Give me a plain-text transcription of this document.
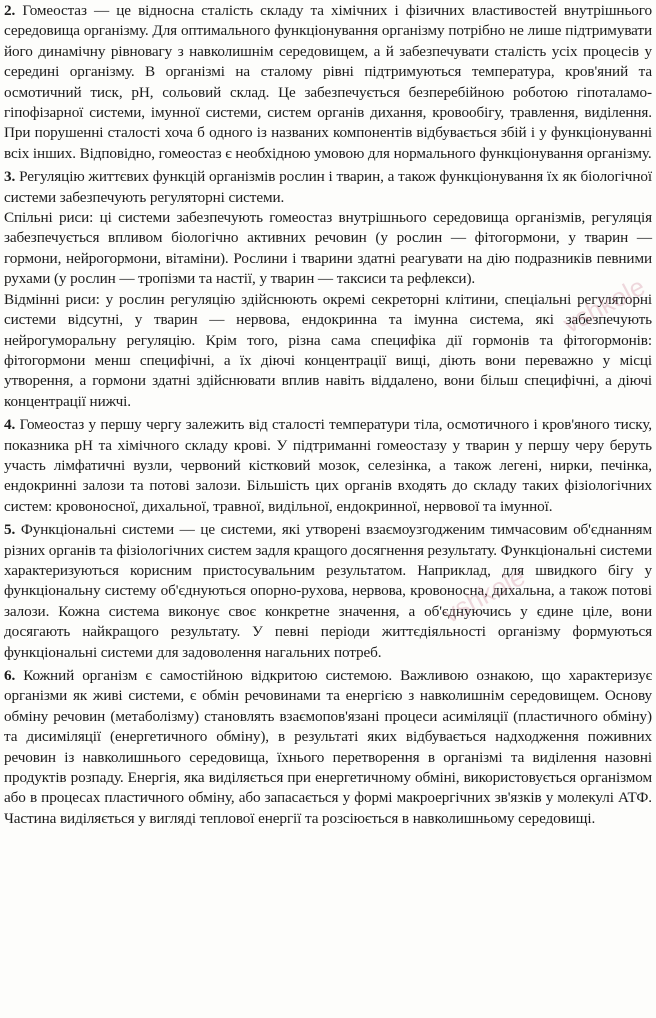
2. Гомеостаз — це відносна сталість складу та хімічних і фізичних властивостей внутрішнього середовища організму. Для оптимального функціонування організму потрібно не лише підтримувати його динамічну рівновагу з навколишнім середовищем, а й забезпечувати сталість усіх процесів у середині організму. В організмі на сталому рівні підтримуються температура, кров'яний та осмотичний тиск, pH, сольовий склад. Це забезпечується безперебійною роботою гіпоталамо-гіпофізарної системи, імунної системи, систем органів дихання, кровообігу, травлення, виділення. При порушенні сталості хоча б одного із названих компонентів відбувається збій і у функціонуванні всіх інших. Відповідно, гомеостаз є необхідною умовою для нормального функціонування організму.

3. Регуляцію життєвих функцій організмів рослин і тварин, а також функціонування їх як біологічної системи забезпечують регуляторні системи.

Спільні риси: ці системи забезпечують гомеостаз внутрішнього середовища організмів, регуляція забезпечується впливом біологічно активних речовин (у рослин — фітогормони, у тварин — гормони, нейрогормони, вітаміни). Рослини і тварини здатні реагувати на дію подразників певними рухами (у рослин — тропізми та настії, у тварин — таксиси та рефлекси).

Відмінні риси: у рослин регуляцію здійснюють окремі секреторні клітини, спеціальні регуляторні системи відсутні, у тварин — нервова, ендокринна та імунна система, які забезпечують нейрогуморальну регуляцію. Крім того, різна сама специфіка дії гормонів та фітогормонів: фітогормони менш специфічні, а їх діючі концентрації вищі, діють вони переважно у місці утворення, а гормони здатні здійснювати вплив навіть віддалено, вони більш специфічні, а діючі концентрації нижчі.

4. Гомеостаз у першу чергу залежить від сталості температури тіла, осмотичного і кров'яного тиску, показника pH та хімічного складу крові. У підтриманні гомеостазу у тварин у першу черу беруть участь лімфатичні вузли, червоний кістковий мозок, селезінка, а також легені, нирки, печінка, ендокринні залози та потові залози. Більшість цих органів входять до складу таких фізіологічних систем: кровоносної, дихальної, травної, видільної, ендокринної, нервової та імунної.

5. Функціональні системи — це системи, які утворені взаємоузгодженим тимчасовим об'єднанням різних органів та фізіологічних систем задля кращого досягнення результату. Функціональні системи характеризуються корисним пристосувальним результатом. Наприклад, для швидкого бігу у функціональну систему об'єднуються опорно-рухова, нервова, кровоносна, дихальна, а також потові залози. Кожна система виконує своє конкретне значення, а об'єднуючись у єдине ціле, вони досягають найкращого результату. У певні періоди життєдіяльності організму формуються функціональні системи для задоволення нагальних потреб.

6. Кожний організм є самостійною відкритою системою. Важливою ознакою, що характеризує організми як живі системи, є обмін речовинами та енергією з навколишнім середовищем. Основу обміну речовин (метаболізму) становлять взаємопов'язані процеси асиміляції (пластичного обміну) та дисиміляції (енергетичного обміну), в результаті яких відбувається надходження поживних речовин із навколишнього середовища, їхнього перетворення в організмі та виділення назовні продуктів розпаду. Енергія, яка виділяється при енергетичному обміні, використовується організмом або в процесах пластичного обміну, або запасається у формі макроергічних зв'язків у молекулі АТФ. Частина виділяється у вигляді теплової енергії та розсіюється в навколишньому середовищі.

vshkole
vshkole
